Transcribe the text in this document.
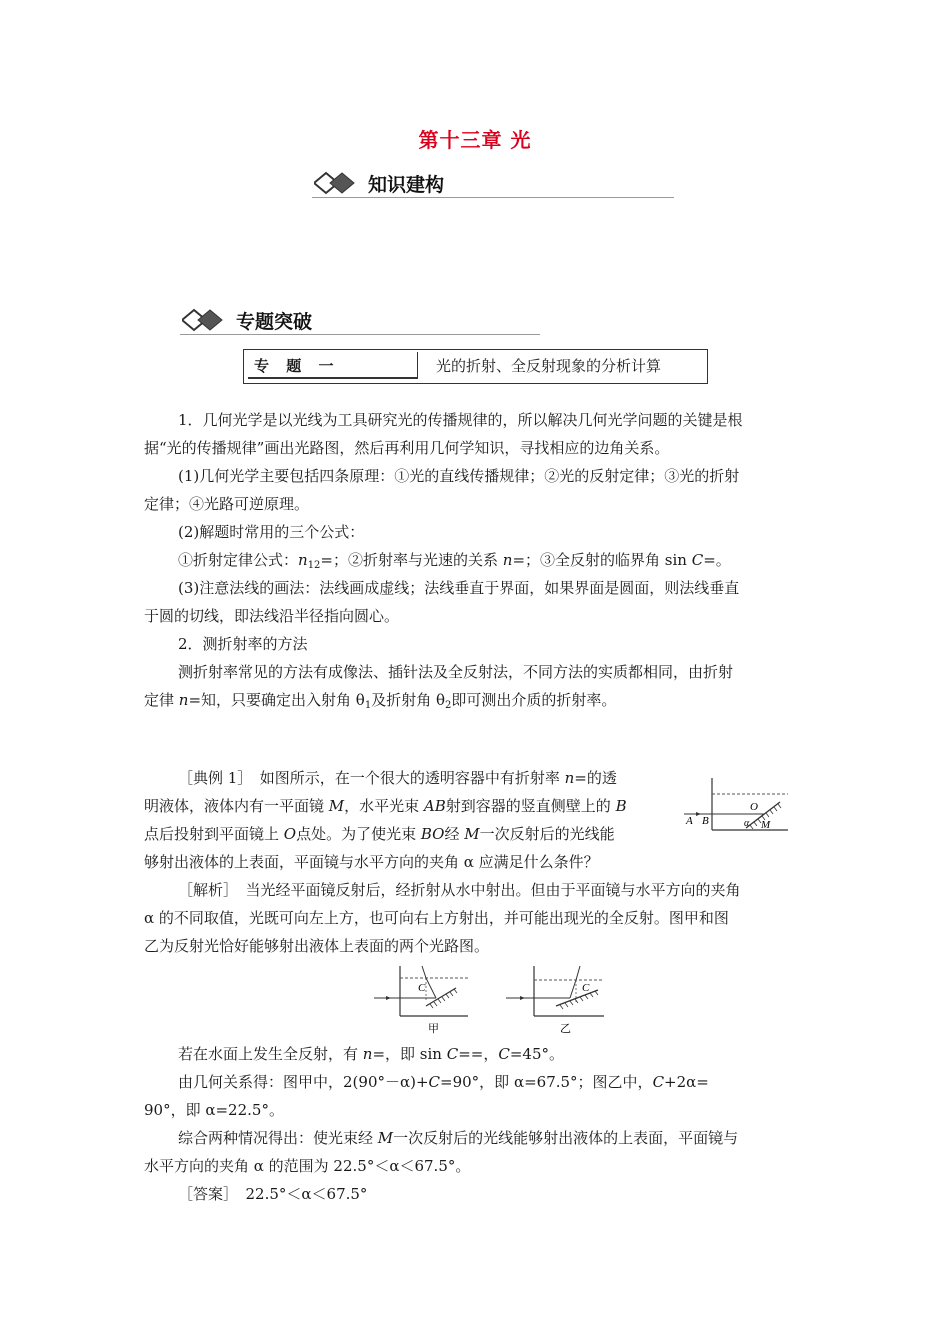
第十三章 光
知识建构
专题突破
专 题 一	光的折射、全反射现象的分析计算
1．几何光学是以光线为工具研究光的传播规律的，所以解决几何光学问题的关键是根
据“光的传播规律”画出光路图，然后再利用几何学知识，寻找相应的边角关系。
(1)几何光学主要包括四条原理：①光的直线传播规律；②光的反射定律；③光的折射
定律；④光路可逆原理。
(2)解题时常用的三个公式：
①折射定律公式：$n_{12}=$；②折射率与光速的关系 n=；③全反射的临界角 sin C=。
(3)注意法线的画法：法线画成虚线；法线垂直于界面，如果界面是圆面，则法线垂直
于圆的切线，即法线沿半径指向圆心。
2．测折射率的方法
测折射率常见的方法有成像法、插针法及全反射法，不同方法的实质都相同，由折射
定律 n=知，只要确定出入射角 $\theta_1$及折射角 $\theta_2$即可测出介质的折射率。
［典例 1］　如图所示，在一个很大的透明容器中有折射率 n=的透
明液体，液体内有一平面镜 M，水平光束 AB射到容器的竖直侧壁上的 B
点后投射到平面镜上 O点处。为了使光束 BO经 M一次反射后的光线能
够射出液体的上表面，平面镜与水平方向的夹角 α 应满足什么条件？
A B
O
α M
［解析］　当光经平面镜反射后，经折射从水中射出。但由于平面镜与水平方向的夹角
α 的不同取值，光既可向左上方，也可向右上方射出，并可能出现光的全反射。图甲和图
乙为反射光恰好能够射出液体上表面的两个光路图。
C
甲
C
乙
若在水面上发生全反射，有 n=，即 sin C==，C=45°。
由几何关系得：图甲中，2(90°－α)+C=90°，即 α=67.5°；图乙中，C+2α=
90°，即 α=22.5°。
综合两种情况得出：使光束经 M一次反射后的光线能够射出液体的上表面，平面镜与
水平方向的夹角 α 的范围为 22.5°＜α＜67.5°。
［答案］　22.5°＜α＜67.5°
